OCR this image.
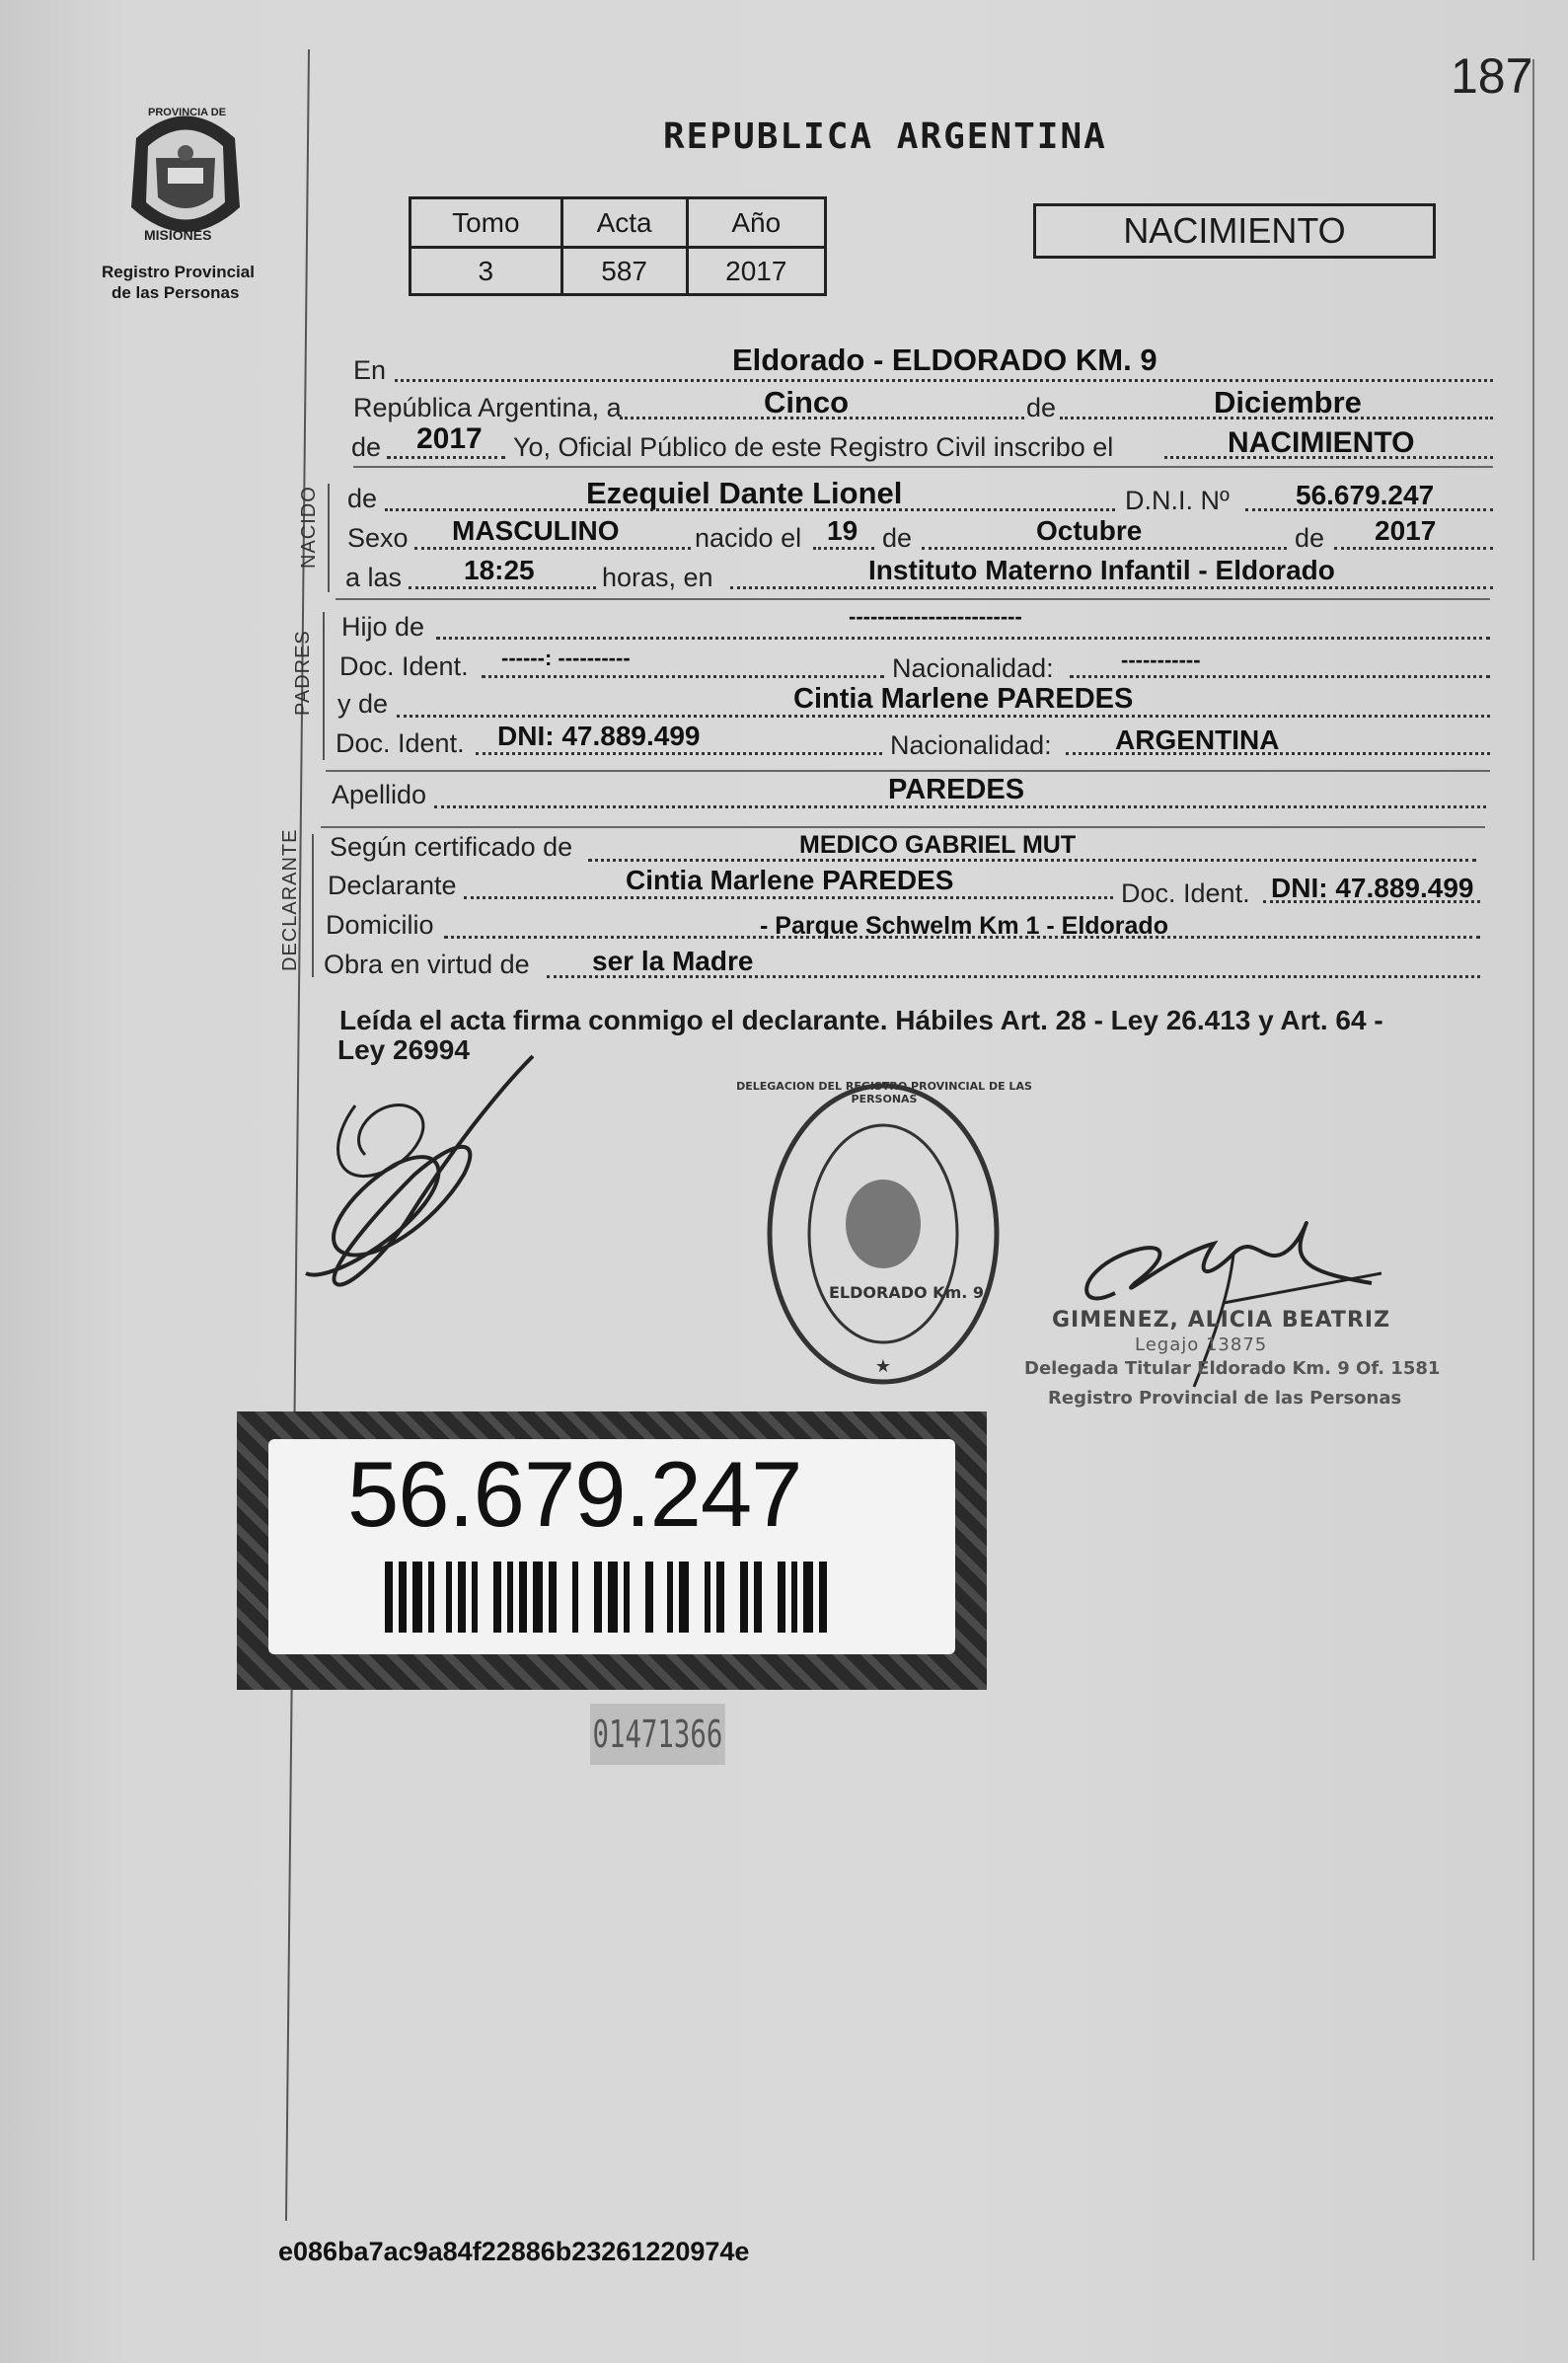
187
PROVINCIA DE
MISIONES
Registro Provincial
de las Personas
REPUBLICA ARGENTINA
Tomo	Acta	Año
3	587	2017
NACIMIENTO
En	Eldorado - ELDORADO KM. 9
República Argentina, a	Cinco	de	Diciembre
de 2017 Yo, Oficial Público de este Registro Civil inscribo el	NACIMIENTO
NACIDO de	Ezequiel Dante Lionel	D.N.I. Nº 56.679.247
Sexo MASCULINO	nacido el 19 de	Octubre	de 2017
a las 18:25	horas, en	Instituto Materno Infantil - Eldorado
PADRES
Hijo de	------------------------
Doc. Ident. ------: ----------	Nacionalidad:	-----------
y de	Cintia Marlene PAREDES
Doc. Ident. DNI: 47.889.499	Nacionalidad: ARGENTINA
Apellido	PAREDES
DECLARANTE Según certificado de	MEDICO GABRIEL MUT
Declarante	Cintia Marlene PAREDES	Doc. Ident. DNI: 47.889.499
Domicilio	- Parque Schwelm Km 1 - Eldorado
Obra en virtud de ser la Madre
Leída el acta firma conmigo el declarante. Hábiles Art. 28 - Ley 26.413 y Art. 64 -
Ley 26994
★
DELEGACION DEL REGISTRO PROVINCIAL DE LAS PERSONAS
ELDORADO Km. 9
GIMENEZ, ALICIA BEATRIZ
Legajo 13875
Delegada Titular Eldorado Km. 9 Of. 1581
Registro Provincial de las Personas
56.679.247
01471366
e086ba7ac9a84f22886b23261220974e
